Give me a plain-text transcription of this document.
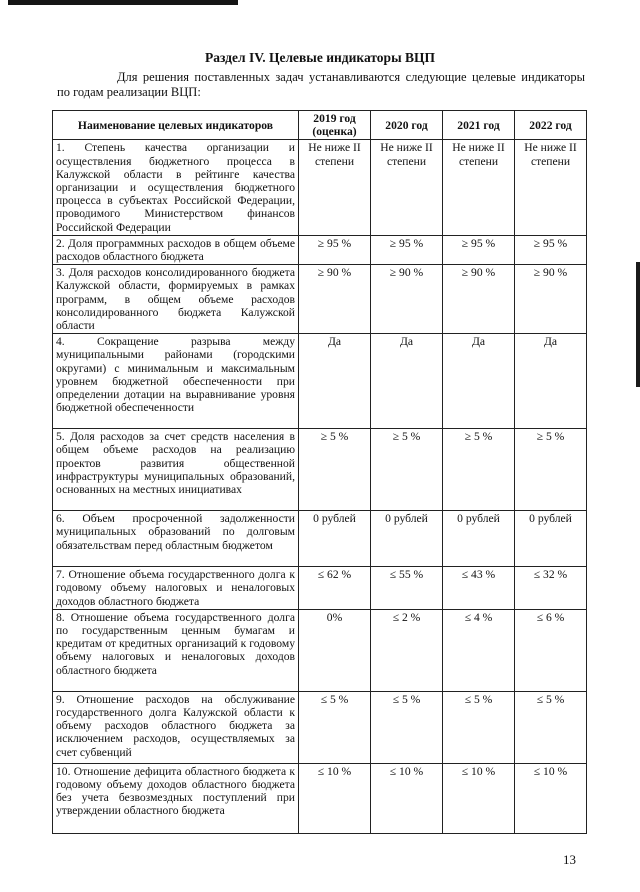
Раздел IV. Целевые индикаторы ВЦП
Для решения поставленных задач устанавливаются следующие целевые индикаторы по годам реализации ВЦП:
Наименование целевых индикаторов	2019 год (оценка)	2020 год	2021 год	2022 год
1. Степень качества организации и осуществления бюджетного процесса в Калужской области в рейтинге качества организации и осуществления бюджетного процесса в субъектах Российской Федерации, проводимого Министерством финансов Российской Федерации	Не ниже II степени	Не ниже II степени	Не ниже II степени	Не ниже II степени
2. Доля программных расходов в общем объеме расходов областного бюджета	≥ 95 %	≥ 95 %	≥ 95 %	≥ 95 %
3. Доля расходов консолидированного бюджета Калужской области, формируемых в рамках программ, в общем объеме расходов консолидированного бюджета Калужской области	≥ 90 %	≥ 90 %	≥ 90 %	≥ 90 %
4. Сокращение разрыва между муниципальными районами (городскими округами) с минимальным и максимальным уровнем бюджетной обеспеченности при определении дотации на выравнивание уровня бюджетной обеспеченности	Да	Да	Да	Да
5. Доля расходов за счет средств населения в общем объеме расходов на реализацию проектов развития общественной инфраструктуры муниципальных образований, основанных на местных инициативах	≥ 5 %	≥ 5 %	≥ 5 %	≥ 5 %
6. Объем просроченной задолженности муниципальных образований по долговым обязательствам перед областным бюджетом	0 рублей	0 рублей	0 рублей	0 рублей
7. Отношение объема государственного долга к годовому объему налоговых и неналоговых доходов областного бюджета	≤ 62 %	≤ 55 %	≤ 43 %	≤ 32 %
8. Отношение объема государственного долга по государственным ценным бумагам и кредитам от кредитных организаций к годовому объему налоговых и неналоговых доходов областного бюджета	0%	≤ 2 %	≤ 4 %	≤ 6 %
9. Отношение расходов на обслуживание государственного долга Калужской области к объему расходов областного бюджета за исключением расходов, осуществляемых за счет субвенций	≤ 5 %	≤ 5 %	≤ 5 %	≤ 5 %
10. Отношение дефицита областного бюджета к годовому объему доходов областного бюджета без учета безвозмездных поступлений при утверждении областного бюджета	≤ 10 %	≤ 10 %	≤ 10 %	≤ 10 %
13
